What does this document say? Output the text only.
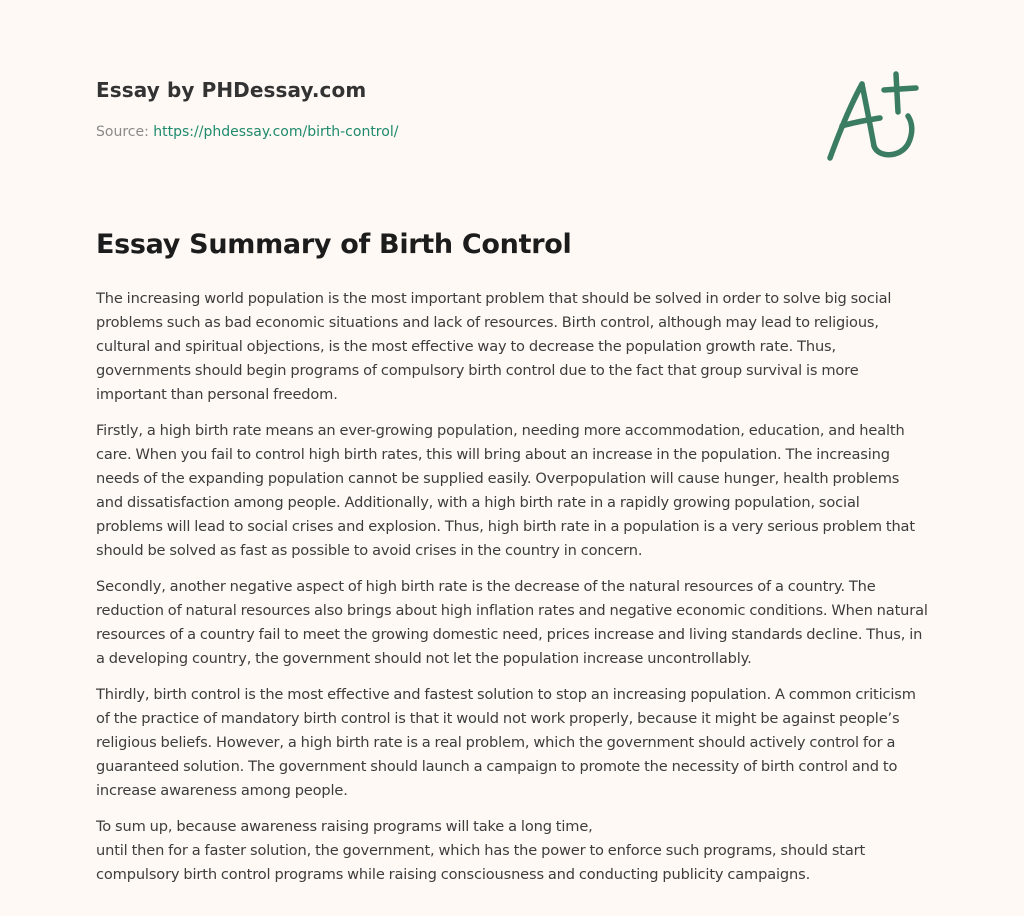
Essay by PHDessay.com
Source: https://phdessay.com/birth-control/
Essay Summary of Birth Control

The increasing world population is the most important problem that should be solved in order to solve big social problems such as bad economic situations and lack of resources. Birth control, although may lead to religious, cultural and spiritual objections, is the most effective way to decrease the population growth rate. Thus, governments should begin programs of compulsory birth control due to the fact that group survival is more important than personal freedom.

Firstly, a high birth rate means an ever-growing population, needing more accommodation, education, and health care. When you fail to control high birth rates, this will bring about an increase in the population. The increasing needs of the expanding population cannot be supplied easily. Overpopulation will cause hunger, health problems and dissatisfaction among people. Additionally, with a high birth rate in a rapidly growing population, social problems will lead to social crises and explosion. Thus, high birth rate in a population is a very serious problem that should be solved as fast as possible to avoid crises in the country in concern.

Secondly, another negative aspect of high birth rate is the decrease of the natural resources of a country. The reduction of natural resources also brings about high inflation rates and negative economic conditions. When natural resources of a country fail to meet the growing domestic need, prices increase and living standards decline. Thus, in a developing country, the government should not let the population increase uncontrollably.

Thirdly, birth control is the most effective and fastest solution to stop an increasing population. A common criticism of the practice of mandatory birth control is that it would not work properly, because it might be against people’s religious beliefs. However, a high birth rate is a real problem, which the government should actively control for a guaranteed solution. The government should launch a campaign to promote the necessity of birth control and to increase awareness among people.

To sum up, because awareness raising programs will take a long time,
until then for a faster solution, the government, which has the power to enforce such programs, should start compulsory birth control programs while raising consciousness and conducting publicity campaigns.
